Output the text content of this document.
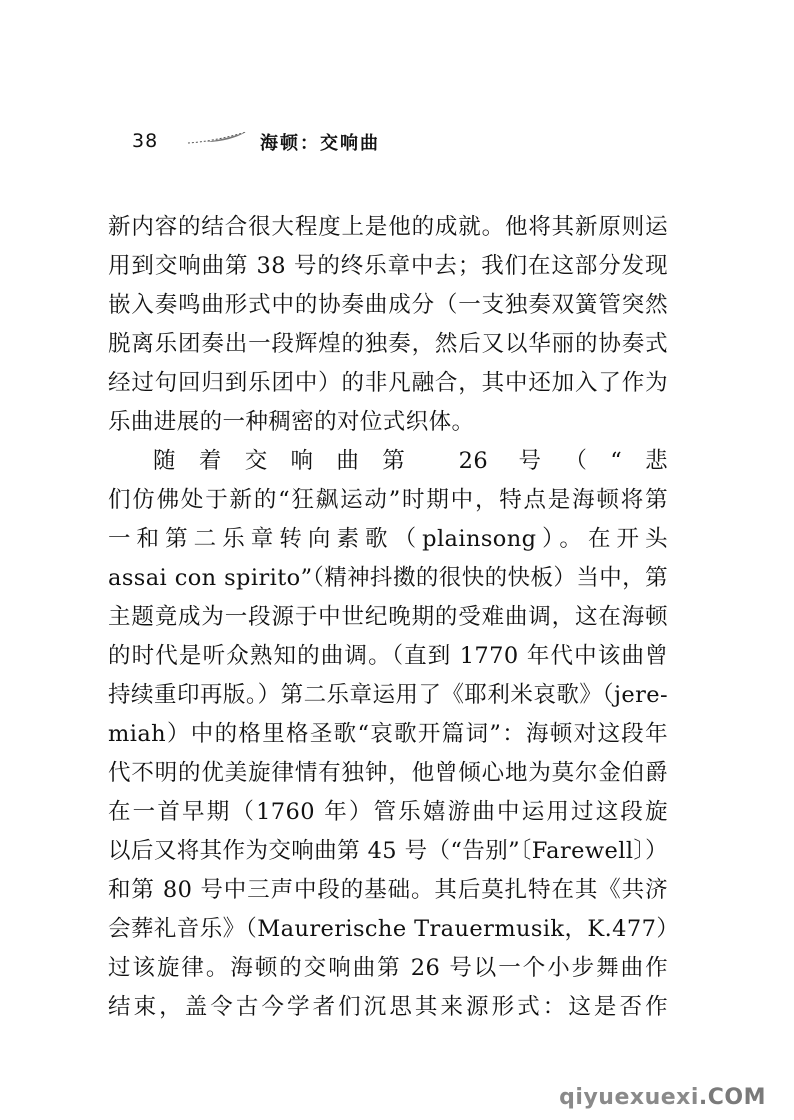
38	海顿：交响曲
新内容的结合很大程度上是他的成就。他将其新原则运
用到交响曲第 38 号的终乐章中去；我们在这部分发现
嵌入奏鸣曲形式中的协奏曲成分（一支独奏双簧管突然
脱离乐团奏出一段辉煌的独奏，然后又以华丽的协奏式
经过句回归到乐团中）的非凡融合，其中还加入了作为
乐曲进展的一种稠密的对位式织体。
随着交响曲第 26 号（“悲
们仿佛处于新的“狂飙运动”时期中，特点是海顿将第
一和第二乐章转向素歌（plainsong）。在开头
assai con spirito”（精神抖擞的很快的快板）当中，第
主题竟成为一段源于中世纪晚期的受难曲调，这在海顿
的时代是听众熟知的曲调。（直到 1770 年代中该曲曾
持续重印再版。）第二乐章运用了《耶利米哀歌》（jere-
miah）中的格里格圣歌“哀歌开篇词”：海顿对这段年
代不明的优美旋律情有独钟，他曾倾心地为莫尔金伯爵
在一首早期（1760 年）管乐嬉游曲中运用过这段旋
以后又将其作为交响曲第 45 号（“告别”〔Farewell〕）
和第 80 号中三声中段的基础。其后莫扎特在其《共济
会葬礼音乐》（Maurerische Trauermusik，K.477）
过该旋律。海顿的交响曲第 26 号以一个小步舞曲作
结束，盖令古今学者们沉思其来源形式：这是否作
qiyuexuexi.COM
